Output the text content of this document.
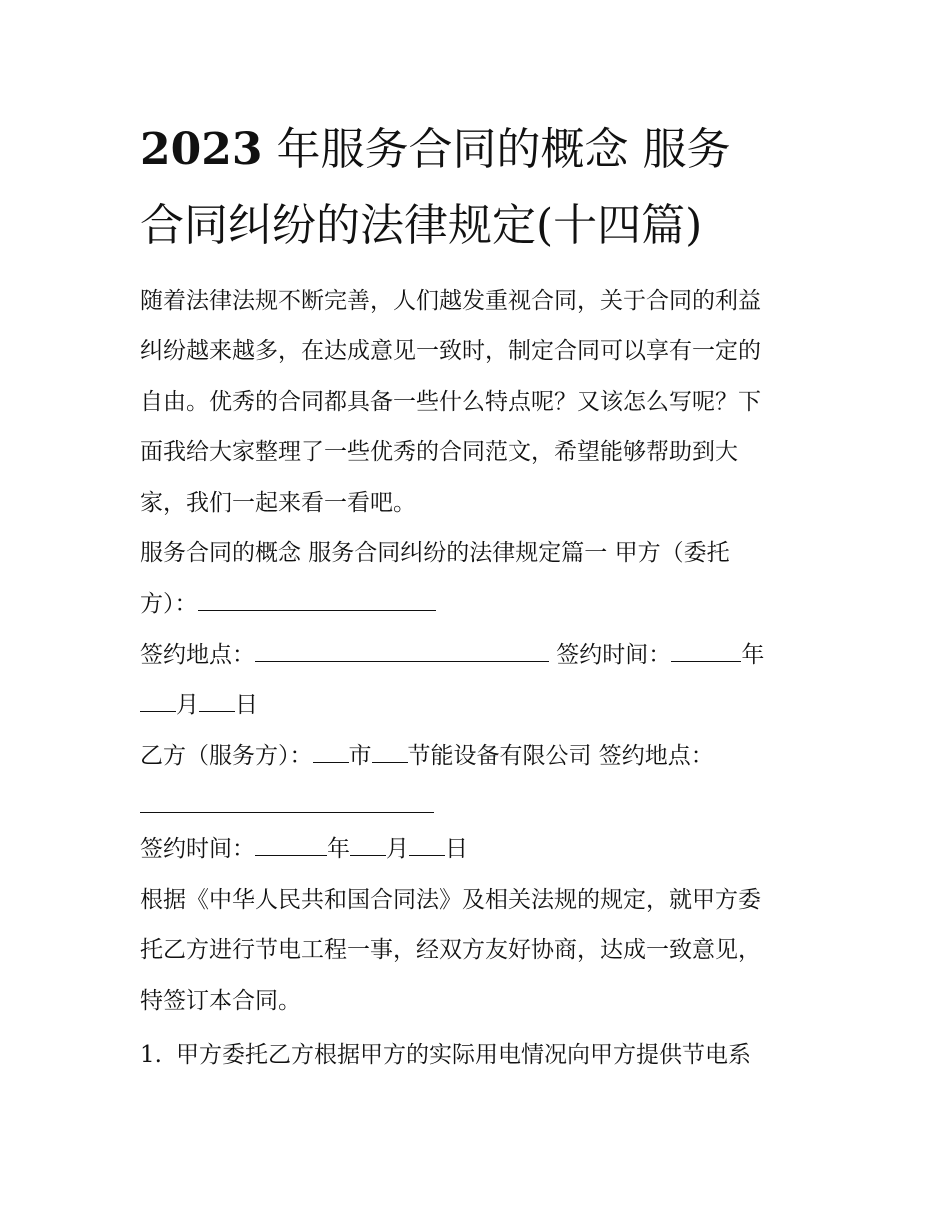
2023 年服务合同的概念 服务
合同纠纷的法律规定(十四篇)

随着法律法规不断完善，人们越发重视合同，关于合同的利益

纠纷越来越多，在达成意见一致时，制定合同可以享有一定的

自由。优秀的合同都具备一些什么特点呢？又该怎么写呢？下

面我给大家整理了一些优秀的合同范文，希望能够帮助到大

家，我们一起来看一看吧。

服务合同的概念 服务合同纠纷的法律规定篇一 甲方（委托

方）：

签约地点：	签约时间：	年

月 日

乙方（服务方）： 市 节能设备有限公司 签约地点：

签约时间：	年 月 日

根据《中华人民共和国合同法》及相关法规的规定，就甲方委

托乙方进行节电工程一事，经双方友好协商，达成一致意见，

特签订本合同。

1. 甲方委托乙方根据甲方的实际用电情况向甲方提供节电系
